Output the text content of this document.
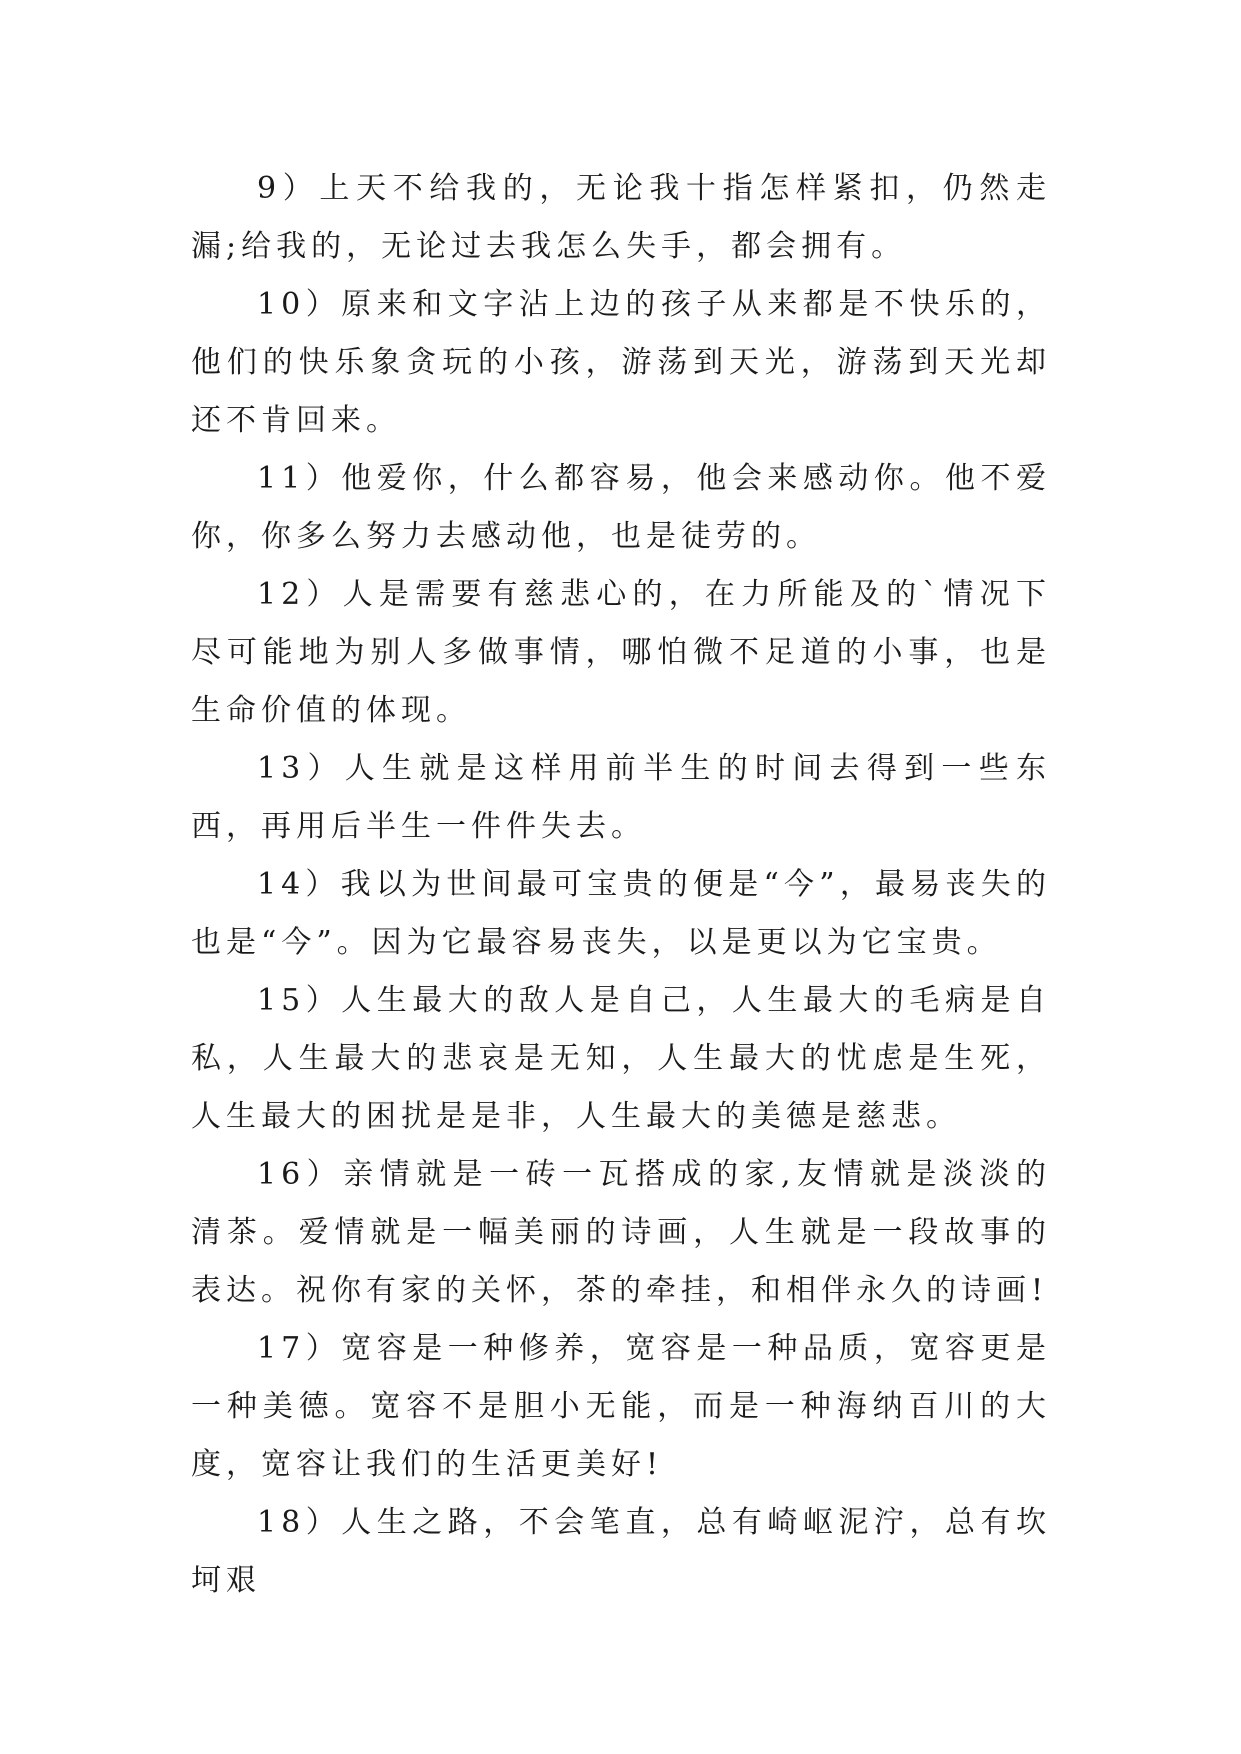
9）上天不给我的，无论我十指怎样紧扣，仍然走漏;给我的，无论过去我怎么失手，都会拥有。

10）原来和文字沾上边的孩子从来都是不快乐的，他们的快乐象贪玩的小孩，游荡到天光，游荡到天光却还不肯回来。

11）他爱你，什么都容易，他会来感动你。他不爱你，你多么努力去感动他，也是徒劳的。

12）人是需要有慈悲心的，在力所能及的`情况下尽可能地为别人多做事情，哪怕微不足道的小事，也是生命价值的体现。

13）人生就是这样用前半生的时间去得到一些东西，再用后半生一件件失去。

14）我以为世间最可宝贵的便是“今”，最易丧失的也是“今”。因为它最容易丧失，以是更以为它宝贵。

15）人生最大的敌人是自己，人生最大的毛病是自私，人生最大的悲哀是无知，人生最大的忧虑是生死，人生最大的困扰是是非，人生最大的美德是慈悲。

16）亲情就是一砖一瓦搭成的家,友情就是淡淡的清茶。爱情就是一幅美丽的诗画，人生就是一段故事的表达。祝你有家的关怀，茶的牵挂，和相伴永久的诗画!

17）宽容是一种修养，宽容是一种品质，宽容更是一种美德。宽容不是胆小无能，而是一种海纳百川的大度，宽容让我们的生活更美好!

18）人生之路，不会笔直，总有崎岖泥泞，总有坎坷艰
